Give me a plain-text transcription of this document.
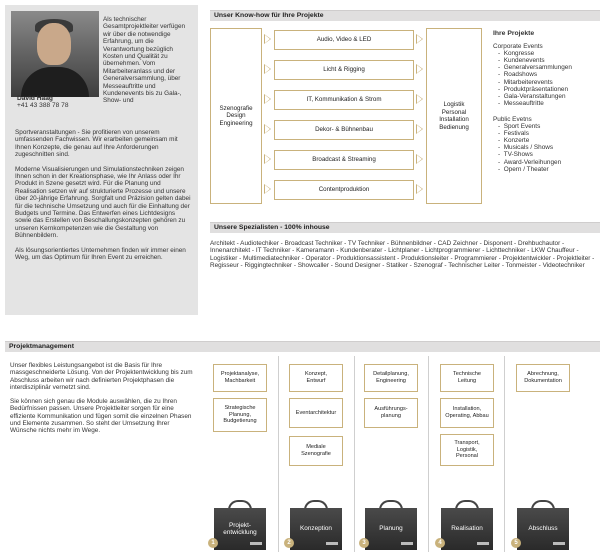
Als technischer Gesamtprojektleiter verfügen wir über die notwendige Erfahrung, um die Verantwortung bezüglich Kosten und Qualität zu übernehmen. Vom Mitarbeiteranlass und der Generalversammlung, über Messeauftritte und Kundenevents bis zu Gala-, Show- und
David Haag
+41 43 388 78 78

Sportveranstaltungen - Sie profitieren von unserem umfassenden Fachwissen. Wir erarbeiten gemeinsam mit Ihnen Konzepte, die genau auf Ihre Anforderungen zugeschnitten sind.

Moderne Visualisierungen und Simulationstechniken zeigen Ihnen schon in der Kreationsphase, wie Ihr Anlass oder Ihr Produkt in Szene gesetzt wird. Für die Planung und Realisation setzen wir auf strukturierte Prozesse und unsere über 20-jährige Erfahrung. Sorgfalt und Präzision gelten dabei für die technische Umsetzung und auch für die Einhaltung der Budgets und Termine. Das Entwerfen eines Lichtdesigns sowie das Erstellen von Beschallungskonzepten gehören zu unseren Kernkompetenzen wie die Gestaltung von Bühnenbildern.

Als lösungsorientiertes Unternehmen finden wir immer einen Weg, um das Optimum für Ihren Event zu erreichen.

Unser Know-how für Ihre Projekte
Szenografie
Design
Engineering
Audio, Video & LED
Licht & Rigging
IT, Kommunikation & Strom
Dekor- & Bühnenbau
Broadcast & Streaming
Contentproduktion
Logistik
Personal
Installation
Bedienung
Ihre Projekte
Corporate Events
-  Kongresse
-  Kundenevents
-  Generalversammlungen
-  Roadshows
-  Mitarbeiterevents
-  Produktpräsentationen
-  Gala-Veranstaltungen
-  Messeauftritte
Public Evetns
-  Sport Events
-  Festivals
-  Konzerte
-  Musicals / Shows
-  TV-Shows
-  Award-Verleihungen
-  Opern / Theater
Unsere Spezialisten - 100% inhouse
Architekt - Audiotechiker - Broadcast Techniker - TV Techniker - Bühnenbildner - CAD Zeichner - Disponent - Drehbuchautor - Innenarchitekt - IT Techniker - Kameramann - Kundenberater - Lichtplaner - Lichtprogrammierer - Lichttechniker - LKW Chauffeur - Logistiker - Multimediatechniker - Operator - Produktionsassistent - Produktionsleiter - Programmierer - Projektentwickler - Projektleiter - Regisseur - Riggingtechniker - Showcaller - Sound Designer - Statiker - Szenograf - Technischer Leiter - Tonmeister - Videotechniker
Projektmanagement

Unser flexibles Leistungsangebot ist die Basis für Ihre massgeschneiderte Lösung. Von der Projektentwicklung bis zum Abschluss arbeiten wir nach definierten Projektphasen die interdisziplinär vernetzt sind.

Sie können sich genau die Module auswählen, die zu Ihren Bedürfnissen passen. Unsere Projektleiter sorgen für eine effiziente Kommunikation und fügen somit die einzelnen Phasen und Elemente zusammen. So steht der Umsetzung Ihrer Wünsche nichts mehr im Wege.

Projektanalyse,
Machbarkeit
Strategische
Planung,
Budgetierung
Konzept,
Entwurf
Eventarchitektur
Mediale
Szenografie
Detailplanung,
Engineering
Ausführungs-
planung
Technische
Leitung
Installation,
Operating, Abbau
Transport,
Logistik,
Personal
Abrechnung,
Dokumentation
Projekt-
entwicklung
1
Konzeption
2
Planung
3
Realisation
4
Abschluss
5
